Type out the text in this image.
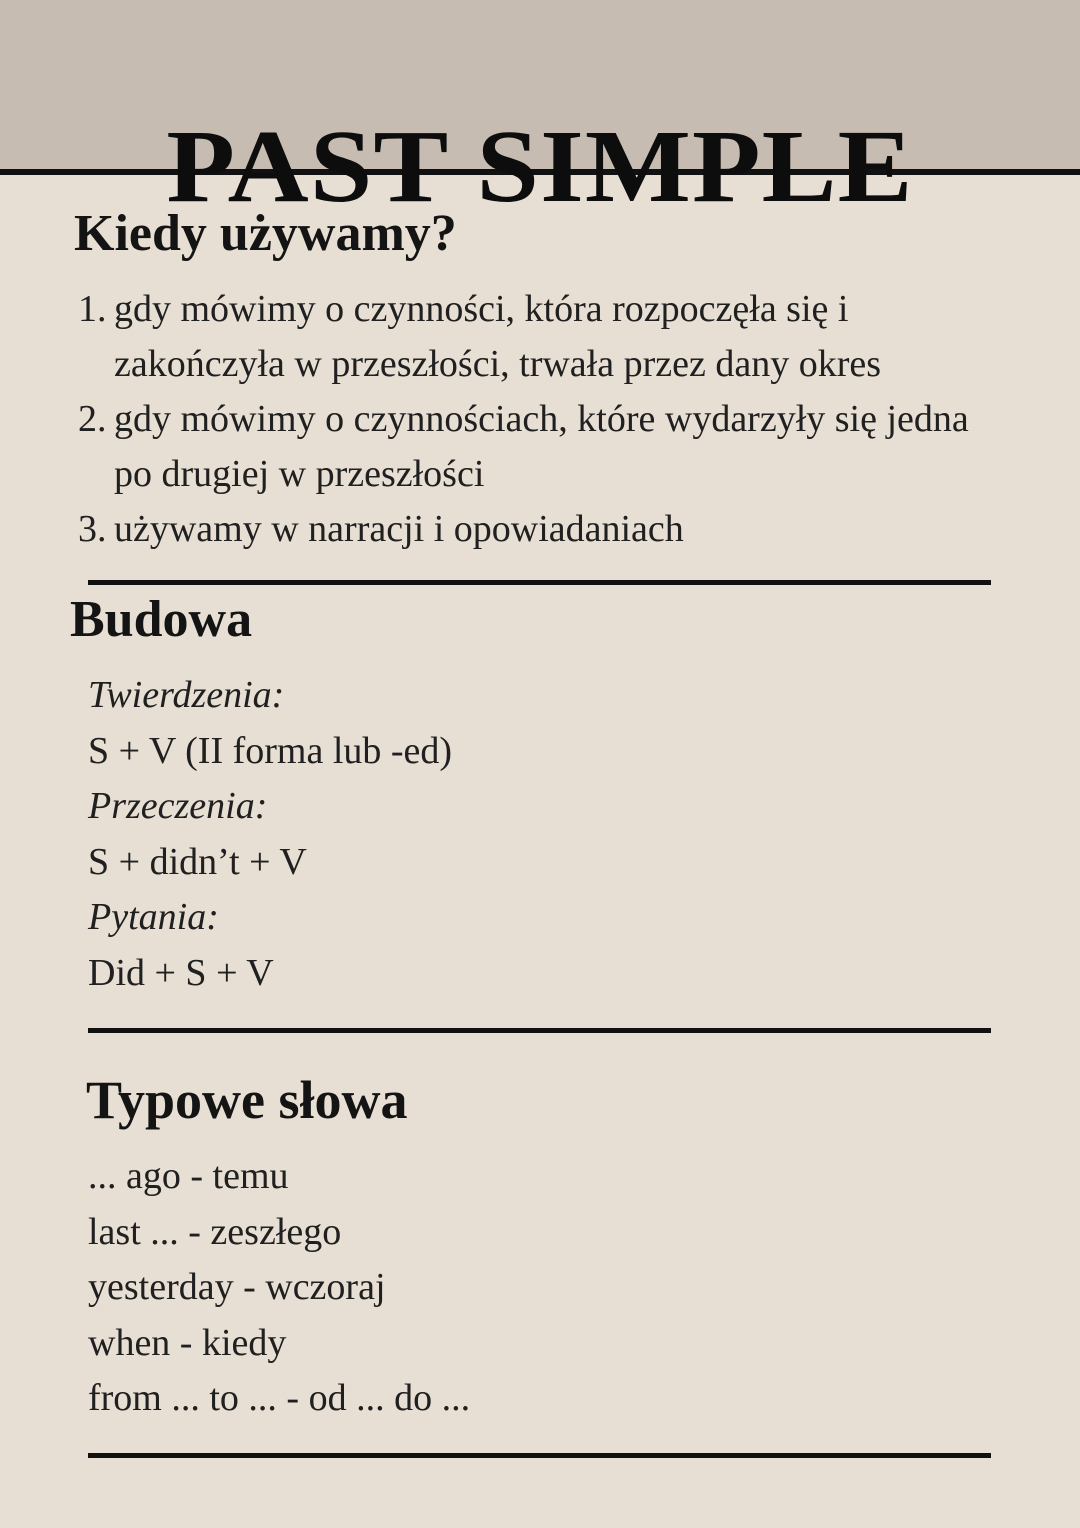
PAST SIMPLE
Kiedy używamy?
1. gdy mówimy o czynności, która rozpoczęła się i zakończyła w przeszłości, trwała przez dany okres
2. gdy mówimy o czynnościach, które wydarzyły się jedna po drugiej w przeszłości
3. używamy w narracji i opowiadaniach
Budowa
Twierdzenia:
S + V (II forma lub -ed)
Przeczenia:
S + didn’t + V
Pytania:
Did + S + V
Typowe słowa
... ago - temu
last ... - zeszłego
yesterday - wczoraj
when - kiedy
from ... to ... - od ... do ...
